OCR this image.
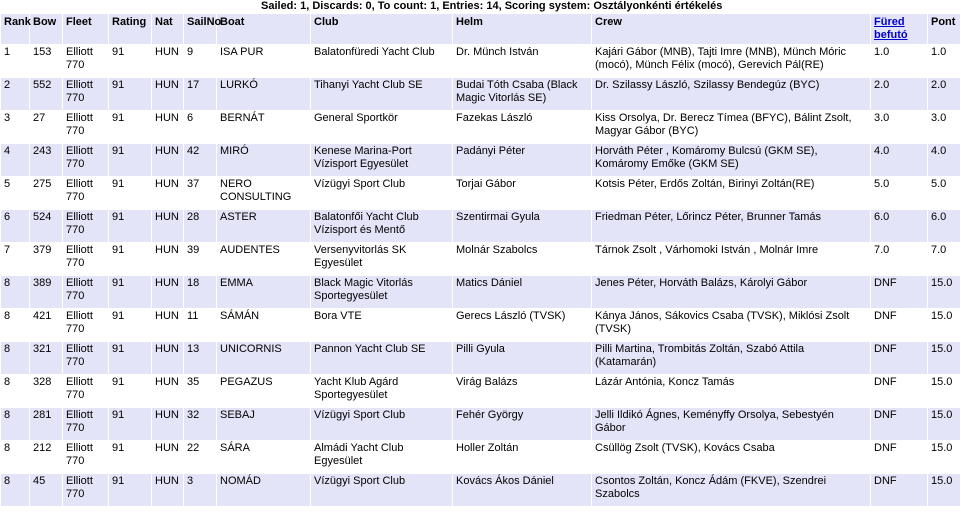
Sailed: 1, Discards: 0, To count: 1, Entries: 14, Scoring system: Osztályonkénti értékelés
Rank	Bow	Fleet	Rating	Nat	SailNo	Boat	Club	Helm	Crew	Füred befutó	Pont
1	153	Elliott 770	91	HUN	9	ISA PUR	Balatonfüredi Yacht Club	Dr. Münch István	Kajári Gábor (MNB), Tajti Imre (MNB), Münch Móric (mocó), Münch Félix (mocó), Gerevich Pál(RE)	1.0	1.0
2	552	Elliott 770	91	HUN	17	LURKÓ	Tihanyi Yacht Club SE	Budai Tóth Csaba (Black Magic Vitorlás SE)	Dr. Szilassy László, Szilassy Bendegúz (BYC)	2.0	2.0
3	27	Elliott 770	91	HUN	6	BERNÁT	General Sportkör	Fazekas László	Kiss Orsolya, Dr. Berecz Tímea (BFYC), Bálint Zsolt, Magyar Gábor (BYC)	3.0	3.0
4	243	Elliott 770	91	HUN	42	MIRÓ	Kenese Marina-Port Vízisport Egyesület	Padányi Péter	Horváth Péter , Komáromy Bulcsú (GKM SE), Komáromy Emőke (GKM SE)	4.0	4.0
5	275	Elliott 770	91	HUN	37	NERO CONSULTING	Vízügyi Sport Club	Torjai Gábor	Kotsis Péter, Erdős Zoltán, Birinyi Zoltán(RE)	5.0	5.0
6	524	Elliott 770	91	HUN	28	ASTER	Balatonfői Yacht Club Vízisport és Mentő	Szentirmai Gyula	Friedman Péter, Lőrincz Péter, Brunner Tamás	6.0	6.0
7	379	Elliott 770	91	HUN	39	AUDENTES	Versenyvitorlás SK Egyesület	Molnár Szabolcs	Tárnok Zsolt , Várhomoki István , Molnár Imre	7.0	7.0
8	389	Elliott 770	91	HUN	18	EMMA	Black Magic Vitorlás Sportegyesület	Matics Dániel	Jenes Péter, Horváth Balázs, Károlyi Gábor	DNF	15.0
8	421	Elliott 770	91	HUN	11	SÁMÁN	Bora VTE	Gerecs László (TVSK)	Kánya János, Sákovics Csaba (TVSK), Miklósi Zsolt (TVSK)	DNF	15.0
8	321	Elliott 770	91	HUN	13	UNICORNIS	Pannon Yacht Club SE	Pilli Gyula	Pilli Martina, Trombitás Zoltán, Szabó Attila (Katamarán)	DNF	15.0
8	328	Elliott 770	91	HUN	35	PEGAZUS	Yacht Klub Agárd Sportegyesület	Virág Balázs	Lázár Antónia, Koncz Tamás	DNF	15.0
8	281	Elliott 770	91	HUN	32	SEBAJ	Vízügyi Sport Club	Fehér György	Jelli Ildikó Ágnes, Keményffy Orsolya, Sebestyén Gábor	DNF	15.0
8	212	Elliott 770	91	HUN	22	SÁRA	Almádi Yacht Club Egyesület	Holler Zoltán	Csüllög Zsolt (TVSK), Kovács Csaba	DNF	15.0
8	45	Elliott 770	91	HUN	3	NOMÁD	Vízügyi Sport Club	Kovács Ákos Dániel	Csontos Zoltán, Koncz Ádám (FKVE), Szendrei Szabolcs	DNF	15.0
